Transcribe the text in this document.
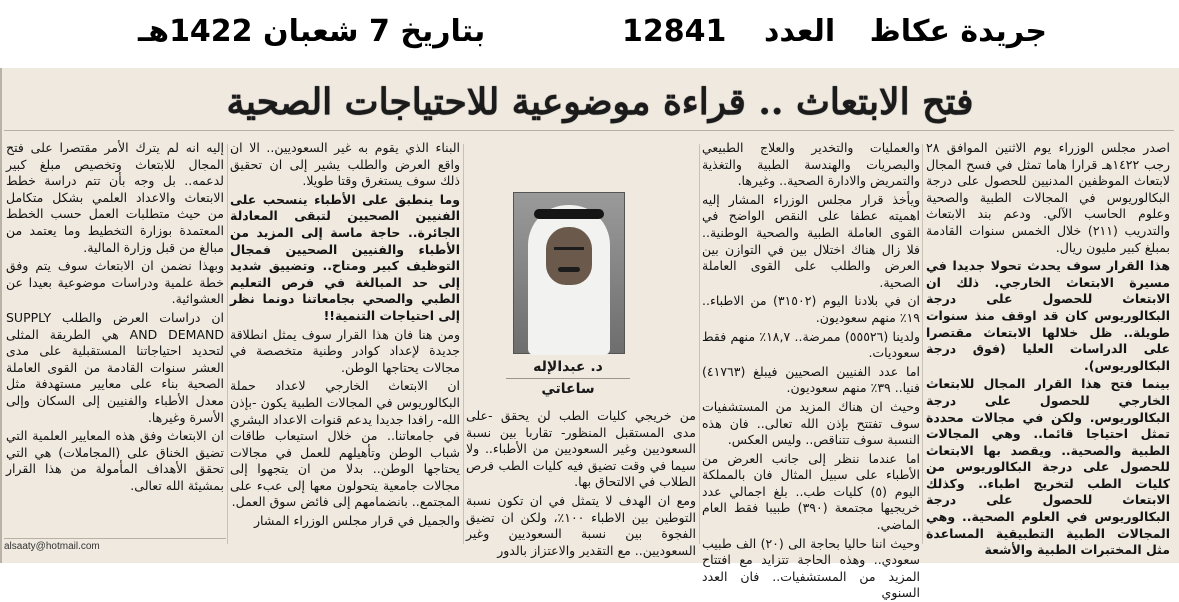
جريدة عكاظ
العدد
12841
بتاريخ 7 شعبان 1422هـ
فتح الابتعاث .. قراءة موضوعية للاحتياجات الصحية

اصدر مجلس الوزراء يوم الاثنين الموافق ٢٨ رجب ١٤٢٢هـ قرارا هاما تمثل في فسح المجال لابتعاث الموظفين المدنيين للحصول على درجة البكالوريوس في المجالات الطبية والصحية وعلوم الحاسب الآلي. ودعم بند الابتعاث والتدريب (٢١١) خلال الخمس سنوات القادمة بمبلغ كبير مليون ريال.

هذا القرار سوف يحدث تحولا جديدا في مسيرة الابتعاث الخارجي. ذلك ان الابتعاث للحصول على درجة البكالوريوس كان قد اوقف منذ سنوات طويلة.. ظل خلالها الابتعاث مقتصرا على الدراسات العليا (فوق درجة البكالوريوس).

بينما فتح هذا القرار المجال للابتعاث الخارجي للحصول على درجة البكالوريوس. ولكن في مجالات محددة تمثل احتياجا قائما.. وهي المجالات الطبية والصحية.. ويقصد بها الابتعاث للحصول على درجة البكالوريوس من كليات الطب لتخريج اطباء.. وكذلك الابتعاث للحصول على درجة البكالوريوس في العلوم الصحية.. وهي المجالات الطبية التطبيقية المساعدة مثل المختبرات الطبية والأشعة

والعمليات والتخدير والعلاج الطبيعي والبصريات والهندسة الطبية والتغذية والتمريض والادارة الصحية.. وغيرها.

ويأخذ قرار مجلس الوزراء المشار إليه اهميته عطفا على النقص الواضح في القوى العاملة الطبية والصحية الوطنية.. فلا زال هناك اختلال بين في التوازن بين العرض والطلب على القوى العاملة الصحية.

ان في بلادنا اليوم (٣١٥٠٢) من الاطباء.. ١٩٪ منهم سعوديون.

ولدينا (٥٥٥٢٦) ممرضة.. ١٨,٧٪ منهم فقط سعوديات.

اما عدد الفنيين الصحيين فيبلغ (٤١٧٦٣) فنيا.. ٣٩٪ منهم سعوديون.

وحيث ان هناك المزيد من المستشفيات سوف تفتتح بإذن الله تعالى.. فان هذه النسبة سوف تتناقص.. وليس العكس.

اما عندما ننظر إلى جانب العرض من الأطباء على سبيل المثال فان بالمملكة اليوم (٥) كليات طب.. بلغ اجمالي عدد خريجيها مجتمعة (٣٩٠) طبيبا فقط العام الماضي.

وحيث اننا حاليا بحاجة الى (٢٠) الف طبيب سعودي.. وهذه الحاجة تتزايد مع افتتاح المزيد من المستشفيات.. فان العدد السنوي

د. عبدالإله ساعاتي

من خريجي كليات الطب لن يحقق -على مدى المستقبل المنظور- تقاربا بين نسبة السعوديين وغير السعوديين من الأطباء.. ولا سيما في وقت تضيق فيه كليات الطب فرص الطلاب في الالتحاق بها.

ومع ان الهدف لا يتمثل في ان تكون نسبة التوطين بين الاطباء ١٠٠٪، ولكن ان تضيق الفجوة بين نسبة السعوديين وغير السعوديين.. مع التقدير والاعتزاز بالدور

البناء الذي يقوم به غير السعوديين.. الا ان واقع العرض والطلب يشير إلى ان تحقيق ذلك سوف يستغرق وقتا طويلا.

وما ينطبق على الأطباء ينسحب على الفنيين الصحيين لتبقى المعادلة الجائرة.. حاجة ماسة إلى المزيد من الأطباء والفنيين الصحيين فمجال التوظيف كبير ومتاح.. وتضييق شديد إلى حد المبالغة في فرص التعليم الطبي والصحي بجامعاتنا دونما نظر إلى احتياجات التنمية!!

ومن هنا فان هذا القرار سوف يمثل انطلاقة جديدة لإعداد كوادر وطنية متخصصة في مجالات يحتاجها الوطن.

ان الابتعاث الخارجي لاعداد حملة البكالوريوس في المجالات الطبية يكون -بإذن الله- رافدا جديدا يدعم قنوات الاعداد البشري في جامعاتنا.. من خلال استيعاب طاقات شباب الوطن وتأهيلهم للعمل في مجالات يحتاجها الوطن.. بدلا من ان يتجهوا إلى مجالات جامعية يتحولون معها إلى عبء على المجتمع.. بانضمامهم إلى فائض سوق العمل.

والجميل في قرار مجلس الوزراء المشار

إليه انه لم يترك الأمر مقتصرا على فتح المجال للابتعاث وتخصيص مبلغ كبير لدعمه.. بل وجه بأن تتم دراسة خطط الابتعاث والاعداد العلمي بشكل متكامل من حيث متطلبات العمل حسب الخطط المعتمدة بوزارة التخطيط وما يعتمد من مبالغ من قبل وزارة المالية.

وبهذا نضمن ان الابتعاث سوف يتم وفق خطة علمية ودراسات موضوعية بعيدا عن العشوائية.

ان دراسات العرض والطلب SUPPLY AND DEMAND هي الطريقة المثلى لتحديد احتياجاتنا المستقبلية على مدى العشر سنوات القادمة من القوى العاملة الصحية بناء على معايير مستهدفة مثل معدل الأطباء والفنيين إلى السكان وإلى الأسرة وغيرها.

ان الابتعاث وفق هذه المعايير العلمية التي تضيق الخناق على (المجاملات) هي التي تحقق الأهداف المأمولة من هذا القرار بمشيئة الله تعالى.

alsaaty@hotmail.com
